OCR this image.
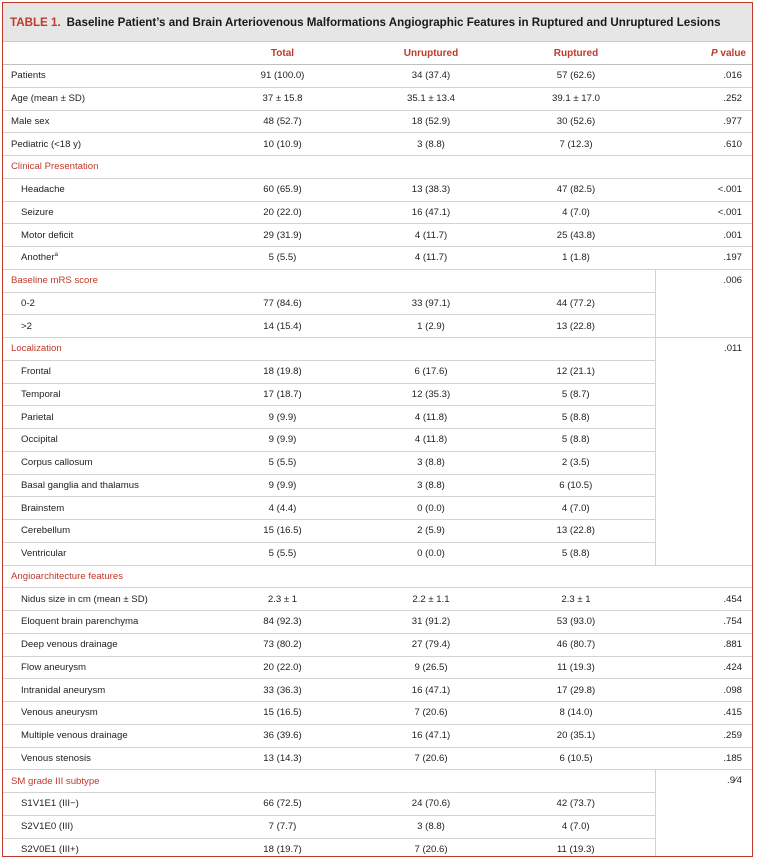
TABLE 1. Baseline Patient’s and Brain Arteriovenous Malformations Angiographic Features in Ruptured and Unruptured Lesions
	Total	Unruptured	Ruptured	P value
Patients	91 (100.0)	34 (37.4)	57 (62.6)	.016
Age (mean ± SD)	37 ± 15.8	35.1 ± 13.4	39.1 ± 17.0	.252
Male sex	48 (52.7)	18 (52.9)	30 (52.6)	.977
Pediatric (<18 y)	10 (10.9)	3 (8.8)	7 (12.3)	.610
Clinical Presentation				
Headache	60 (65.9)	13 (38.3)	47 (82.5)	<.001
Seizure	20 (22.0)	16 (47.1)	4 (7.0)	<.001
Motor deficit	29 (31.9)	4 (11.7)	25 (43.8)	.001
Another$^a$	5 (5.5)	4 (11.7)	1 (1.8)	.197
Baseline mRS score				.006
0-2	77 (84.6)	33 (97.1)	44 (77.2)	
>2	14 (15.4)	1 (2.9)	13 (22.8)	
Localization				.011
Frontal	18 (19.8)	6 (17.6)	12 (21.1)	
Temporal	17 (18.7)	12 (35.3)	5 (8.7)	
Parietal	9 (9.9)	4 (11.8)	5 (8.8)	
Occipital	9 (9.9)	4 (11.8)	5 (8.8)	
Corpus callosum	5 (5.5)	3 (8.8)	2 (3.5)	
Basal ganglia and thalamus	9 (9.9)	3 (8.8)	6 (10.5)	
Brainstem	4 (4.4)	0 (0.0)	4 (7.0)	
Cerebellum	15 (16.5)	2 (5.9)	13 (22.8)	
Ventricular	5 (5.5)	0 (0.0)	5 (8.8)	
Angioarchitecture features				
Nidus size in cm (mean ± SD)	2.3 ± 1	2.2 ± 1.1	2.3 ± 1	.454
Eloquent brain parenchyma	84 (92.3)	31 (91.2)	53 (93.0)	.754
Deep venous drainage	73 (80.2)	27 (79.4)	46 (80.7)	.881
Flow aneurysm	20 (22.0)	9 (26.5)	11 (19.3)	.424
Intranidal aneurysm	33 (36.3)	16 (47.1)	17 (29.8)	.098
Venous aneurysm	15 (16.5)	7 (20.6)	8 (14.0)	.415
Multiple venous drainage	36 (39.6)	16 (47.1)	20 (35.1)	.259
Venous stenosis	13 (14.3)	7 (20.6)	6 (10.5)	.185
SM grade III subtype				.9⁄4
S1V1E1 (III−)	66 (72.5)	24 (70.6)	42 (73.7)	
S2V1E0 (III)	7 (7.7)	3 (8.8)	4 (7.0)	
S2V0E1 (III+)	18 (19.7)	7 (20.6)	11 (19.3)	
